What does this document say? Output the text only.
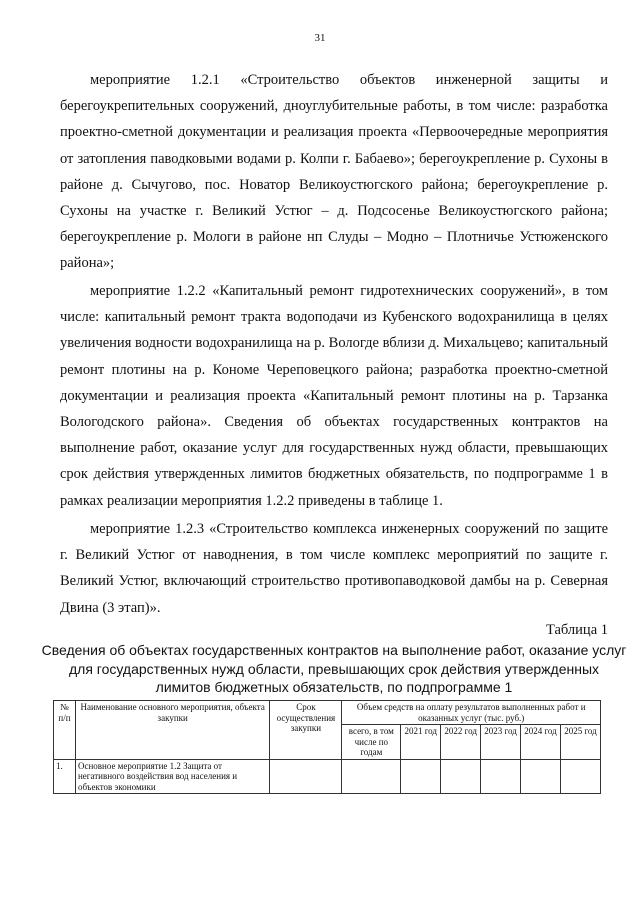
31

мероприятие 1.2.1 «Строительство объектов инженерной защиты и берегоукрепительных сооружений, дноуглубительные работы, в том числе: разработка проектно-сметной документации и реализация проекта «Первоочередные мероприятия от затопления паводковыми водами р. Колпи г. Бабаево»; берегоукрепление р. Сухоны в районе д. Сычугово, пос. Новатор Великоустюгского района; берегоукрепление р. Сухоны на участке г. Великий Устюг – д. Подсосенье Великоустюгского района; берегоукрепление р. Мологи в районе нп Слуды – Модно – Плотничье Устюженского района»;

мероприятие 1.2.2 «Капитальный ремонт гидротехнических сооружений», в том числе: капитальный ремонт тракта водоподачи из Кубенского водохранилища в целях увеличения водности водохранилища на р. Вологде вблизи д. Михальцево; капитальный ремонт плотины на р. Кономе Череповецкого района; разработка проектно-сметной документации и реализация проекта «Капитальный ремонт плотины на р. Тарзанка Вологодского района». Сведения об объектах государственных контрактов на выполнение работ, оказание услуг для государственных нужд области, превышающих срок действия утвержденных лимитов бюджетных обязательств, по подпрограмме 1 в рамках реализации мероприятия 1.2.2 приведены в таблице 1.

мероприятие 1.2.3 «Строительство комплекса инженерных сооружений по защите г. Великий Устюг от наводнения, в том числе комплекс мероприятий по защите г. Великий Устюг, включающий строительство противопаводковой дамбы на р. Северная Двина (3 этап)».

Таблица 1
Сведения об объектах государственных контрактов на выполнение работ, оказание услуг для государственных нужд области, превышающих срок действия утвержденных лимитов бюджетных обязательств, по подпрограмме 1
№ п/п	Наименование основного мероприятия, объекта закупки	Срок осуществления закупки	Объем средств на оплату результатов выполненных работ и оказанных услуг (тыс. руб.)					
			всего, в том числе по годам	2021 год	2022 год	2023 год	2024 год	2025 год
1.	Основное мероприятие 1.2 Защита от негативного воздействия вод населения и объектов экономики							
